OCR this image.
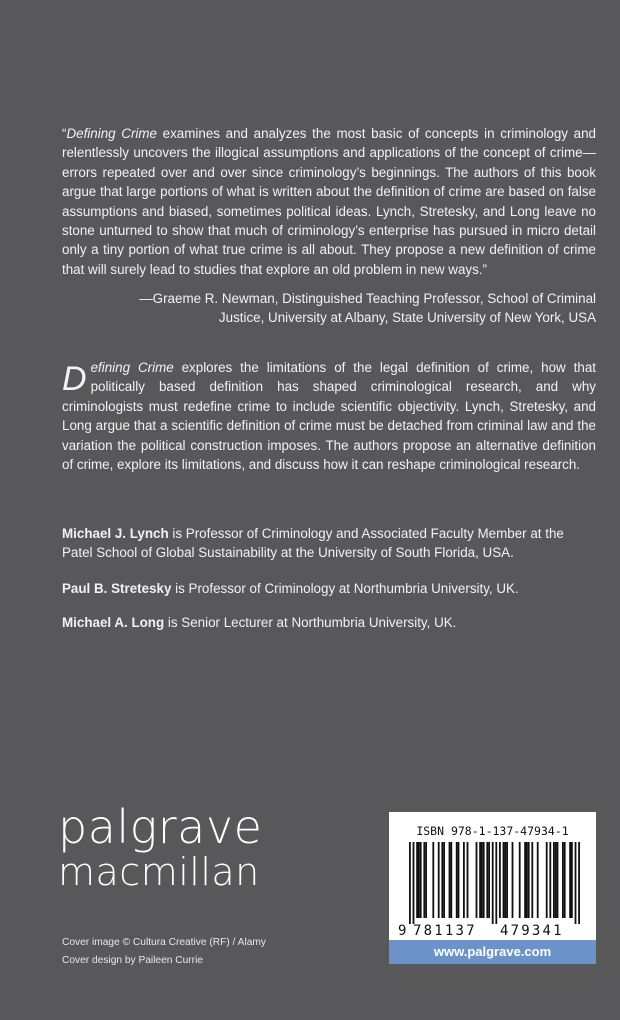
“Defining Crime examines and analyzes the most basic of concepts in criminology and relentlessly uncovers the illogical assumptions and applications of the concept of crime—errors repeated over and over since criminology’s beginnings. The authors of this book argue that large portions of what is written about the definition of crime are based on false assumptions and biased, sometimes political ideas. Lynch, Stretesky, and Long leave no stone unturned to show that much of criminology’s enterprise has pursued in micro detail only a tiny portion of what true crime is all about. They propose a new definition of crime that will surely lead to studies that explore an old problem in new ways.”
—Graeme R. Newman, Distinguished Teaching Professor, School of Criminal
Justice, University at Albany, State University of New York, USA
Defining Crime explores the limitations of the legal definition of crime, how that politically based definition has shaped criminological research, and why criminologists must redefine crime to include scientific objectivity. Lynch, Stretesky, and Long argue that a scientific definition of crime must be detached from criminal law and the variation the political construction imposes. The authors propose an alternative definition of crime, explore its limitations, and discuss how it can reshape criminological research.

Michael J. Lynch is Professor of Criminology and Associated Faculty Member at the Patel School of Global Sustainability at the University of South Florida, USA.

Paul B. Stretesky is Professor of Criminology at Northumbria University, UK.

Michael A. Long is Senior Lecturer at Northumbria University, UK.

palgrave
macmillan
Cover image © Cultura Creative (RF) / Alamy
Cover design by Paileen Currie
ISBN 978-1-137-47934-1
9 781137 479341
www.palgrave.com
